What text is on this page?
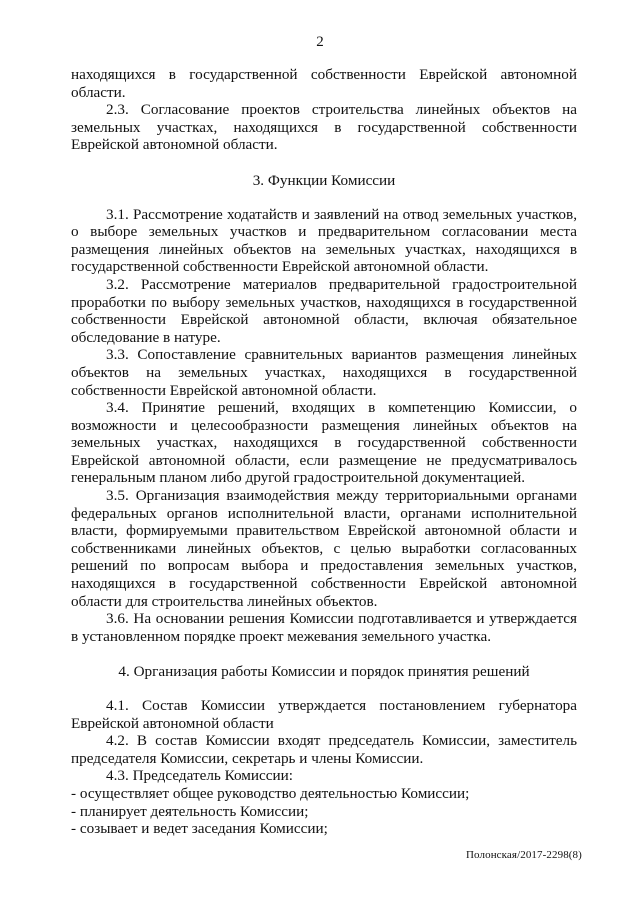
2

находящихся в государственной собственности Еврейской автономной области.

2.3. Согласование проектов строительства линейных объектов на земельных участках, находящихся в государственной собственности Еврейской автономной области.

3. Функции Комиссии

3.1. Рассмотрение ходатайств и заявлений на отвод земельных участков, о выборе земельных участков и предварительном согласовании места размещения линейных объектов на земельных участках, находящихся в государственной собственности Еврейской автономной области.

3.2. Рассмотрение материалов предварительной градостроительной проработки по выбору земельных участков, находящихся в государственной собственности Еврейской автономной области, включая обязательное обследование в натуре.

3.3. Сопоставление сравнительных вариантов размещения линейных объектов на земельных участках, находящихся в государственной собственности Еврейской автономной области.

3.4. Принятие решений, входящих в компетенцию Комиссии, о возможности и целесообразности размещения линейных объектов на земельных участках, находящихся в государственной собственности Еврейской автономной области, если размещение не предусматривалось генеральным планом либо другой градостроительной документацией.

3.5. Организация взаимодействия между территориальными органами федеральных органов исполнительной власти, органами исполнительной власти, формируемыми правительством Еврейской автономной области и собственниками линейных объектов, с целью выработки согласованных решений по вопросам выбора и предоставления земельных участков, находящихся в государственной собственности Еврейской автономной области для строительства линейных объектов.

3.6. На основании решения Комиссии подготавливается и утверждается в установленном порядке проект межевания земельного участка.

4. Организация работы Комиссии и порядок принятия решений

4.1. Состав Комиссии утверждается постановлением губернатора Еврейской автономной области

4.2. В состав Комиссии входят председатель Комиссии, заместитель председателя Комиссии, секретарь и члены Комиссии.

4.3. Председатель Комиссии:

- осуществляет общее руководство деятельностью Комиссии;
- планирует деятельность Комиссии;
- созывает и ведет заседания Комиссии;
Полонская/2017-2298(8)
